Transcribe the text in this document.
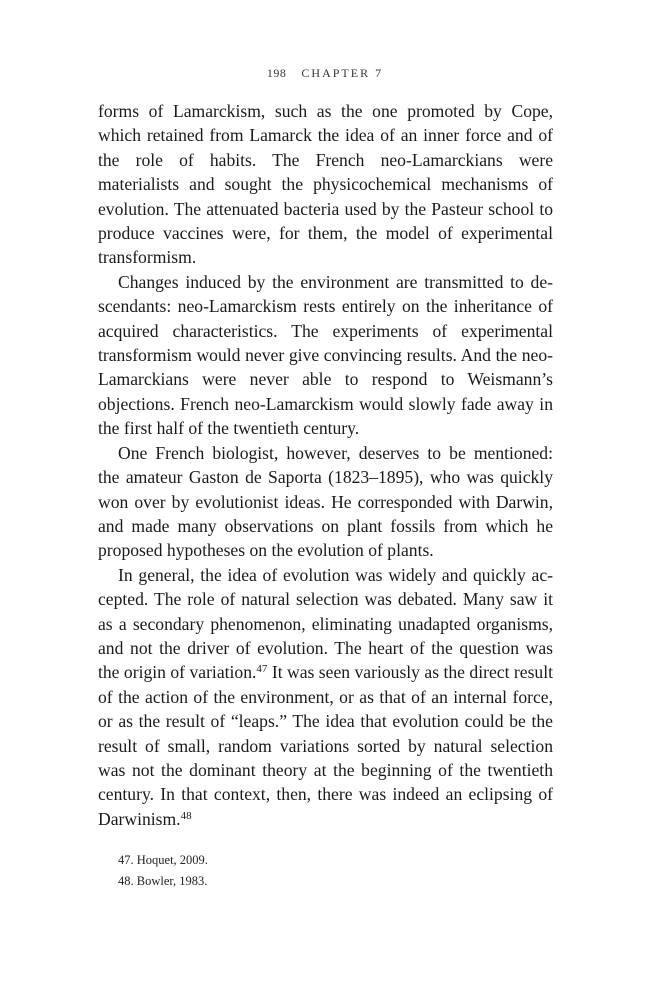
198 CHAPTER 7

forms of Lamarckism, such as the one promoted by Cope, which retained from Lamarck the idea of an inner force and of the role of habits. The French neo-Lamarckians were materialists and sought the physicochemical mechanisms of evolution. The attenuated bacteria used by the Pasteur school to produce vaccines were, for them, the model of experimental transformism.

Changes induced by the environment are transmitted to descendants: neo-Lamarckism rests entirely on the inheritance of acquired characteristics. The experiments of experimental transformism would never give convincing results. And the neo-Lamarckians were never able to respond to Weismann’s objections. French neo-Lamarckism would slowly fade away in the first half of the twentieth century.

One French biologist, however, deserves to be mentioned: the amateur Gaston de Saporta (1823–1895), who was quickly won over by evolutionist ideas. He corresponded with Darwin, and made many observations on plant fossils from which he proposed hypotheses on the evolution of plants.

In general, the idea of evolution was widely and quickly accepted. The role of natural selection was debated. Many saw it as a secondary phenomenon, eliminating unadapted organisms, and not the driver of evolution. The heart of the question was the origin of variation.$^{47}$ It was seen variously as the direct result of the action of the environment, or as that of an internal force, or as the result of “leaps.” The idea that evolution could be the result of small, random variations sorted by natural selection was not the dominant theory at the beginning of the twentieth century. In that context, then, there was indeed an eclipsing of Darwinism.$^{48}$

47. Hoquet, 2009.

48. Bowler, 1983.
